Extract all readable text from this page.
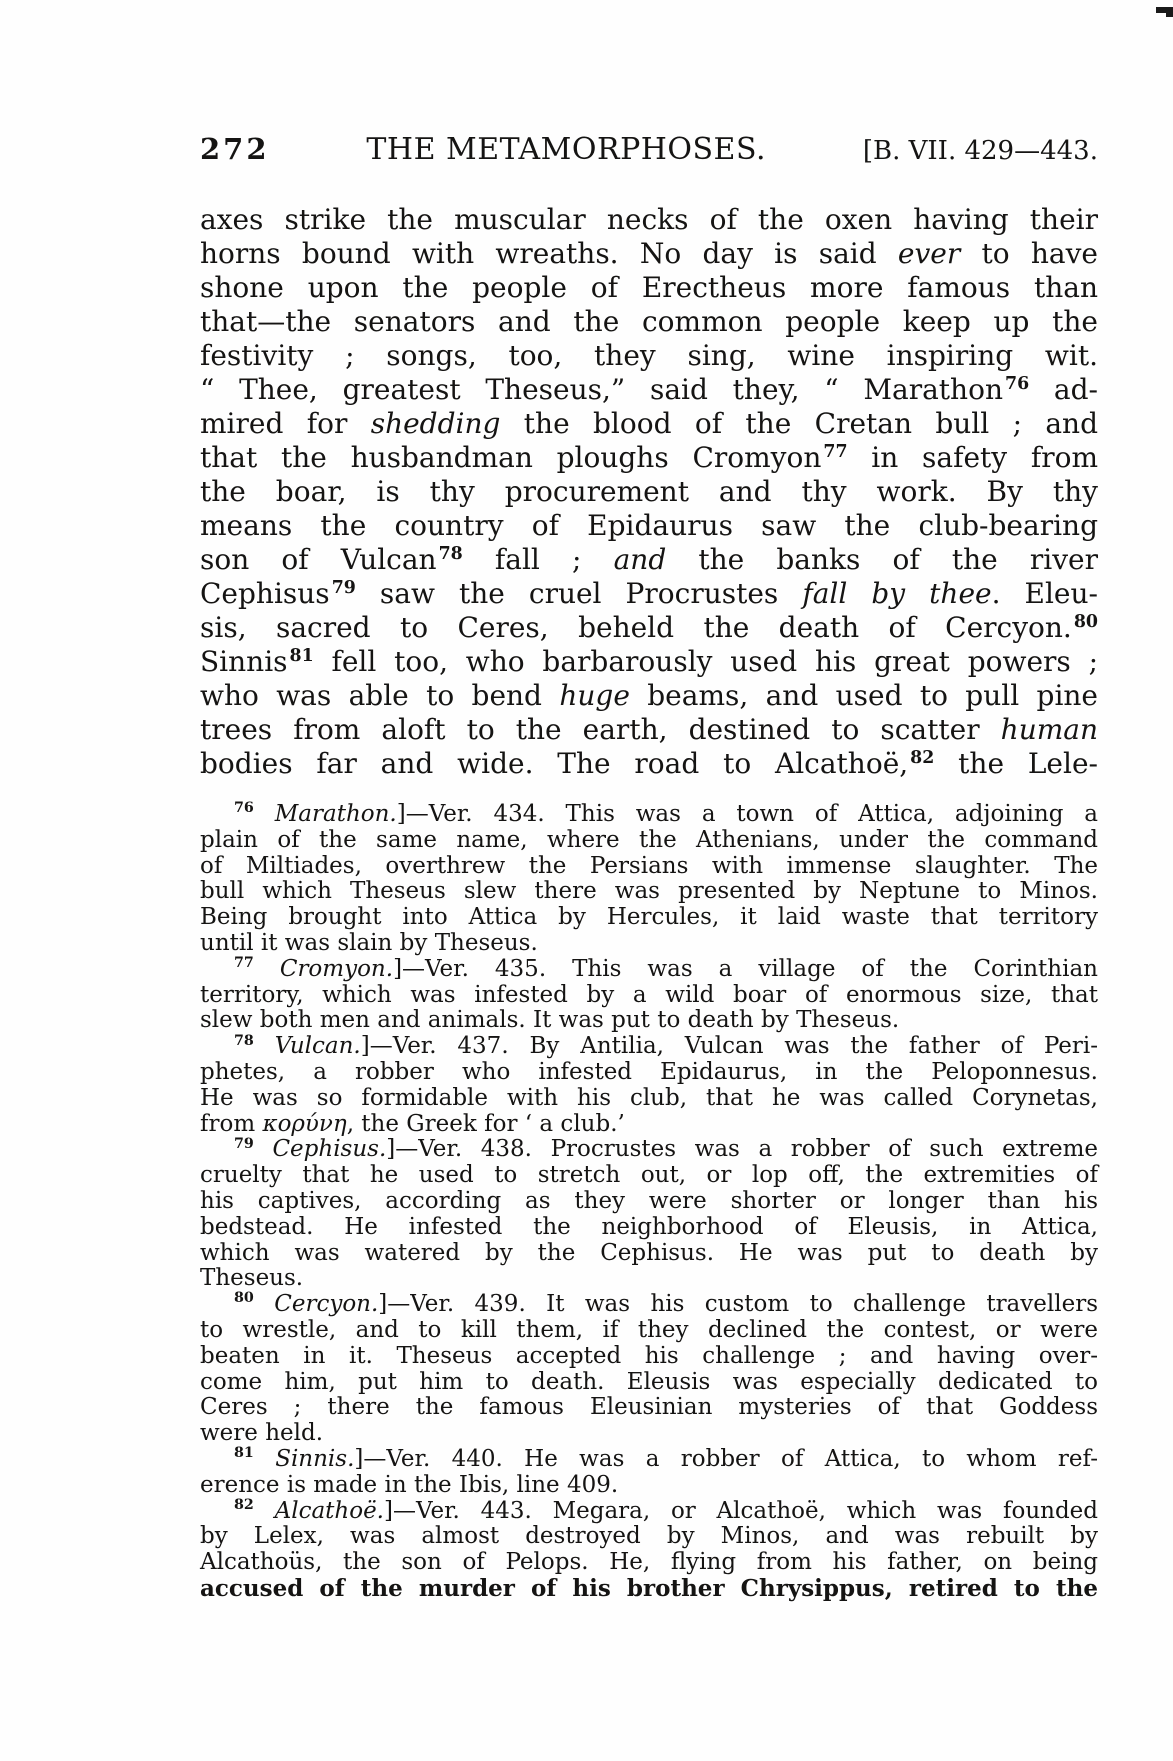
272	THE METAMORPHOSES.	[B. VII. 429—443.
axes strike the muscular necks of the oxen having their
horns bound with wreaths. No day is said ever to have
shone upon the people of Erectheus more famous than
that—the senators and the common people keep up the
festivity ; songs, too, they sing, wine inspiring wit.
“ Thee, greatest Theseus,” said they, “ Marathon $^{76}$ ad-
mired for shedding the blood of the Cretan bull ; and
that the husbandman ploughs Cromyon $^{77}$ in safety from
the boar, is thy procurement and thy work. By thy
means the country of Epidaurus saw the club-bearing
son of Vulcan $^{78}$ fall ; and the banks of the river
Cephisus $^{79}$ saw the cruel Procrustes fall by thee. Eleu-
sis, sacred to Ceres, beheld the death of Cercyon. $^{80}$
Sinnis $^{81}$ fell too, who barbarously used his great powers ;
who was able to bend huge beams, and used to pull pine
trees from aloft to the earth, destined to scatter human
bodies far and wide. The road to Alcathoë, $^{82}$ the Lele-
$^{76}$ Marathon.]—Ver. 434. This was a town of Attica, adjoining a
plain of the same name, where the Athenians, under the command
of Miltiades, overthrew the Persians with immense slaughter. The
bull which Theseus slew there was presented by Neptune to Minos.
Being brought into Attica by Hercules, it laid waste that territory
until it was slain by Theseus.
$^{77}$ Cromyon.]—Ver. 435. This was a village of the Corinthian
territory, which was infested by a wild boar of enormous size, that
slew both men and animals. It was put to death by Theseus.
$^{78}$ Vulcan.]—Ver. 437. By Antilia, Vulcan was the father of Peri-
phetes, a robber who infested Epidaurus, in the Peloponnesus.
He was so formidable with his club, that he was called Corynetas,
from κορύνη, the Greek for ‘ a club.’
$^{79}$ Cephisus.]—Ver. 438. Procrustes was a robber of such extreme
cruelty that he used to stretch out, or lop off, the extremities of
his captives, according as they were shorter or longer than his
bedstead. He infested the neighborhood of Eleusis, in Attica,
which was watered by the Cephisus. He was put to death by
Theseus.
$^{80}$ Cercyon.]—Ver. 439. It was his custom to challenge travellers
to wrestle, and to kill them, if they declined the contest, or were
beaten in it. Theseus accepted his challenge ; and having over-
come him, put him to death. Eleusis was especially dedicated to
Ceres ; there the famous Eleusinian mysteries of that Goddess
were held.
$^{81}$ Sinnis.]—Ver. 440. He was a robber of Attica, to whom ref-
erence is made in the Ibis, line 409.
$^{82}$ Alcathoë.]—Ver. 443. Megara, or Alcathoë, which was founded
by Lelex, was almost destroyed by Minos, and was rebuilt by
Alcathoüs, the son of Pelops. He, flying from his father, on being
accused of the murder of his brother Chrysippus, retired to the
